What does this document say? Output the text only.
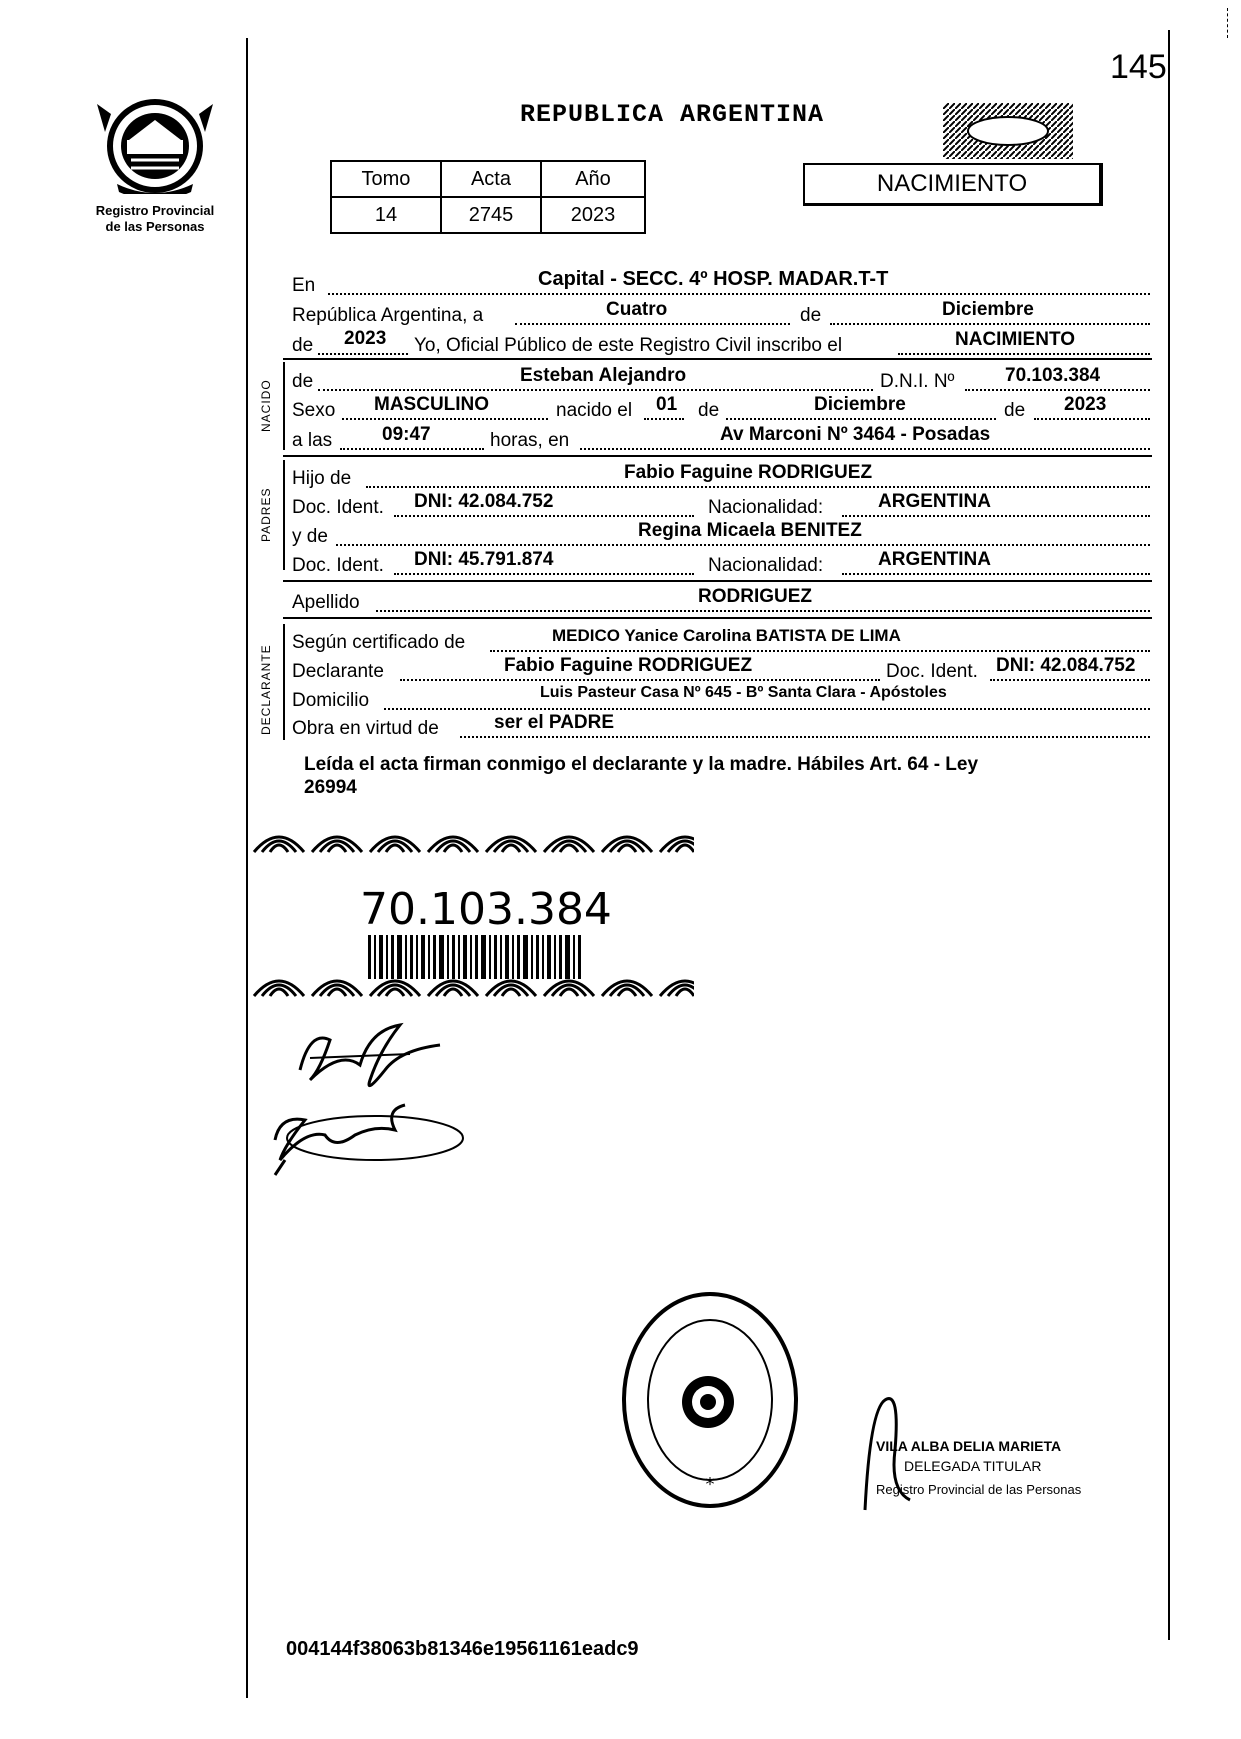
145
Registro Provincial
de las Personas
REPUBLICA ARGENTINA
Tomo	Acta	Año
14	2745	2023
NACIMIENTO
En	Capital - SECC. 4º HOSP. MADAR.T-T
República Argentina, a	Cuatro	de	Diciembre
de 2023 Yo, Oficial Público de este Registro Civil inscribo el	NACIMIENTO
NACIDO de	Esteban Alejandro	D.N.I. Nº	70.103.384
Sexo MASCULINO	nacido el 01 de	Diciembre	de 2023
a las	09:47	horas, en	Av Marconi Nº 3464 - Posadas
PADRES
Hijo de	Fabio Faguine RODRIGUEZ
Doc. Ident. DNI: 42.084.752	Nacionalidad:	ARGENTINA
y de	Regina Micaela BENITEZ
Doc. Ident. DNI: 45.791.874	Nacionalidad:	ARGENTINA
Apellido	RODRIGUEZ
DECLARANTE
Según certificado de	MEDICO Yanice Carolina BATISTA DE LIMA
Declarante	Fabio Faguine RODRIGUEZ	Doc. Ident. DNI: 42.084.752
Domicilio	Luis Pasteur Casa Nº 645 - Bº Santa Clara - Apóstoles
Obra en virtud de	ser el PADRE
Leída el acta firman conmigo el declarante y la madre. Hábiles Art. 64 - Ley
26994
70.103.384
*
VILA ALBA DELIA MARIETA
DELEGADA TITULAR
Registro Provincial de las Personas
004144f38063b81346e19561161eadc9
